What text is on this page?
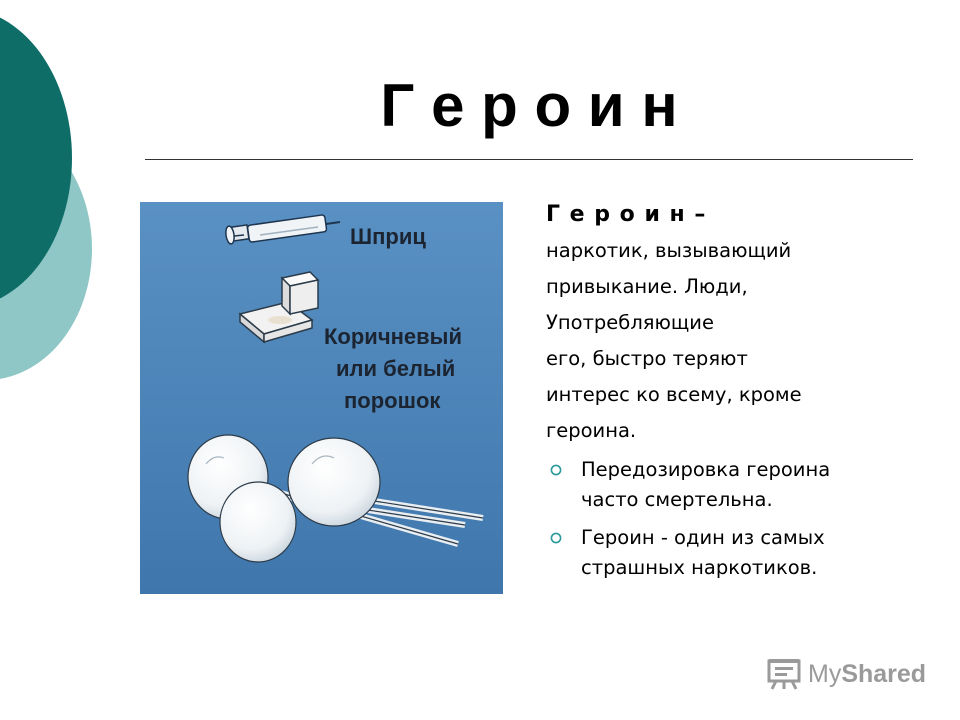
Г е р о и н
Шприц
Коричневый
или белый
порошок
Г е р о и н –
наркотик, вызывающий
привыкание. Люди,
Употребляющие
его, быстро теряют
интерес ко всему, кроме
героина.
Передозировка героина
часто смертельна.
Героин - один из самых
страшных наркотиков.
MyShared
